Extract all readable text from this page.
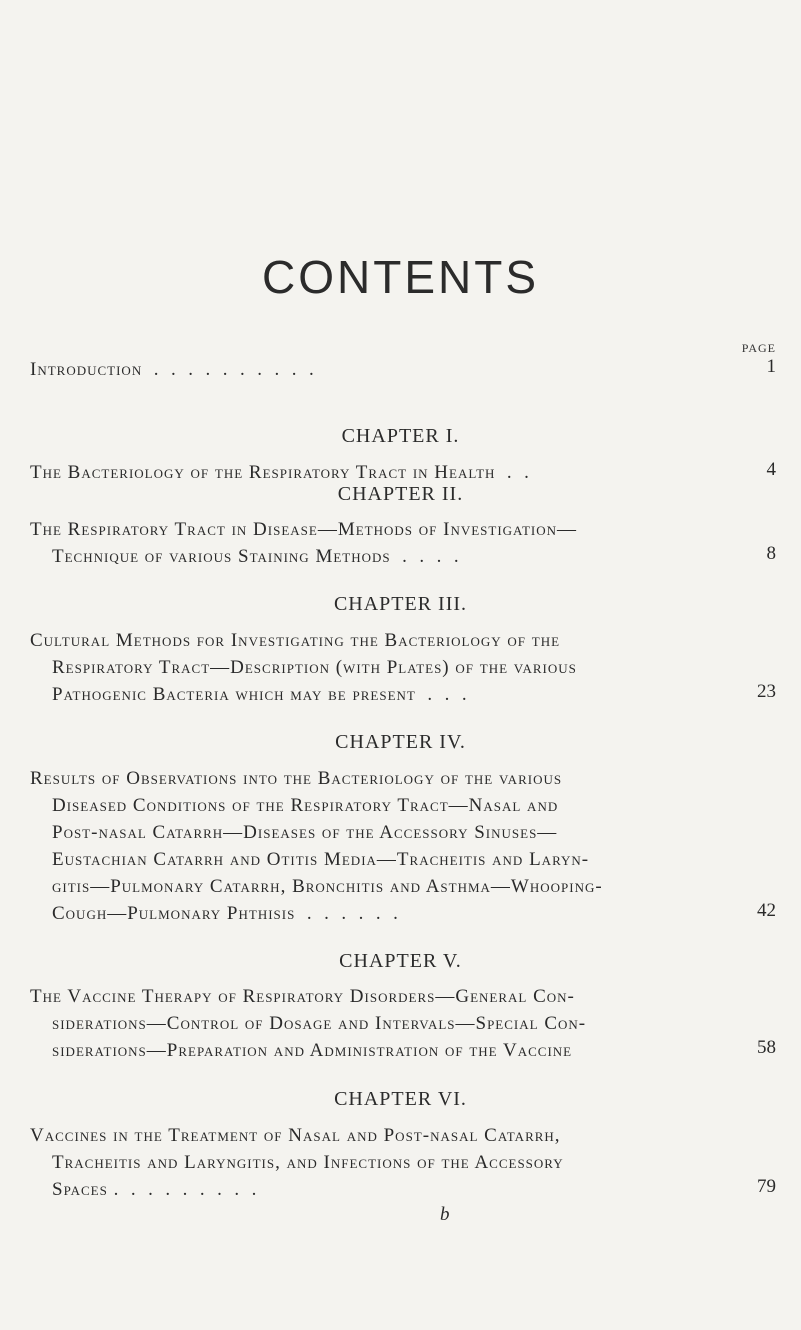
CONTENTS
PAGE
Introduction  .  .  .  .  .  .  .  .  .  .	1
CHAPTER I.
The Bacteriology of the Respiratory Tract in Health  .  .	4
CHAPTER II.
The Respiratory Tract in Disease—Methods of Investigation—
Technique of various Staining Methods  .  .  .  .	8
CHAPTER III.
Cultural Methods for Investigating the Bacteriology of the
Respiratory Tract—Description (with Plates) of the various
Pathogenic Bacteria which may be present  .  .  .	23
CHAPTER IV.
Results of Observations into the Bacteriology of the various
Diseased Conditions of the Respiratory Tract—Nasal and
Post-nasal Catarrh—Diseases of the Accessory Sinuses—
Eustachian Catarrh and Otitis Media—Tracheitis and Laryn-
gitis—Pulmonary Catarrh, Bronchitis and Asthma—Whooping-
Cough—Pulmonary Phthisis  .  .  .  .  .  .	42
CHAPTER V.
The Vaccine Therapy of Respiratory Disorders—General Con-
siderations—Control of Dosage and Intervals—Special Con-
siderations—Preparation and Administration of the Vaccine	58
CHAPTER VI.
Vaccines in the Treatment of Nasal and Post-nasal Catarrh,
Tracheitis and Laryngitis, and Infections of the Accessory
Spaces .  .  .  .  .  .  .  .  .	79
b
